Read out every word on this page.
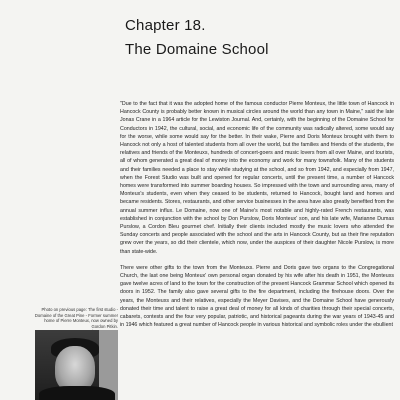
Chapter 18.
The Domaine School

"Due to the fact that it was the adopted home of the famous conductor Pierre Monteux, the little town of Hancock in Hancock County is probably better known in musical circles around the world than any town in Maine," said the late Jonas Crane in a 1964 article for the Lewiston Journal. And, certainly, with the beginning of the Domaine School for Conductors in 1942, the cultural, social, and economic life of the community was radically altered, some would say for the worse, while some would say for the better. In their wake, Pierre and Doris Monteux brought with them to Hancock not only a host of talented students from all over the world, but the families and friends of the students, the relatives and friends of the Monteuxs, hundreds of concert-goers and music lovers from all over Maine, and tourists, all of whom generated a great deal of money into the economy and work for many townsfolk. Many of the students and their families needed a place to stay while studying at the school, and so from 1942, and especially from 1947, when the Forest Studio was built and opened for regular concerts, until the present time, a number of Hancock homes were transformed into summer boarding houses. So impressed with the town and surrounding area, many of Monteux's students, even when they ceased to be students, returned to Hancock, bought land and homes and became residents. Stores, restaurants, and other service businesses in the area have also greatly benefited from the annual summer influx. Le Domaine, now one of Maine's most notable and highly-rated French restaurants, was established in conjunction with the school by Don Purslow, Doris Monteux' son, and his late wife, Marianne Dumas Purslow, a Cordon Bleu gourmet chef. Initially their clients included mostly the music lovers who attended the Sunday concerts and people associated with the school and the arts in Hancock County, but as their fine reputation grew over the years, so did their clientele, which now, under the auspices of their daughter Nicole Purslow, is more than state-wide.

There were other gifts to the town from the Monteuxs. Pierre and Doris gave two organs to the Congregational Church, the last one being Monteux' own personal organ donated by his wife after his death in 1951, the Monteuxs gave twelve acres of land to the town for the construction of the present Hancock Grammar School which opened its doors in 1952. The family also gave several gifts to the fire department, including the firehouse doors. Over the years, the Monteuxs and their relatives, especially the Meyer Davises, and the Domaine School have generously donated their time and talent to raise a great deal of money for all kinds of charities through their special concerts, cabarets, contests and the four very popular, patriotic, and historical pageants during the war years of 1943-45 and in 1946 which featured a great number of Hancock people in various historical and symbolic roles under the ebullient

Photo on previous page: The first studio - Domaine of the Great Pine - Former summer home of Pierre Monteux, now owned by Gordon Pitkin.
